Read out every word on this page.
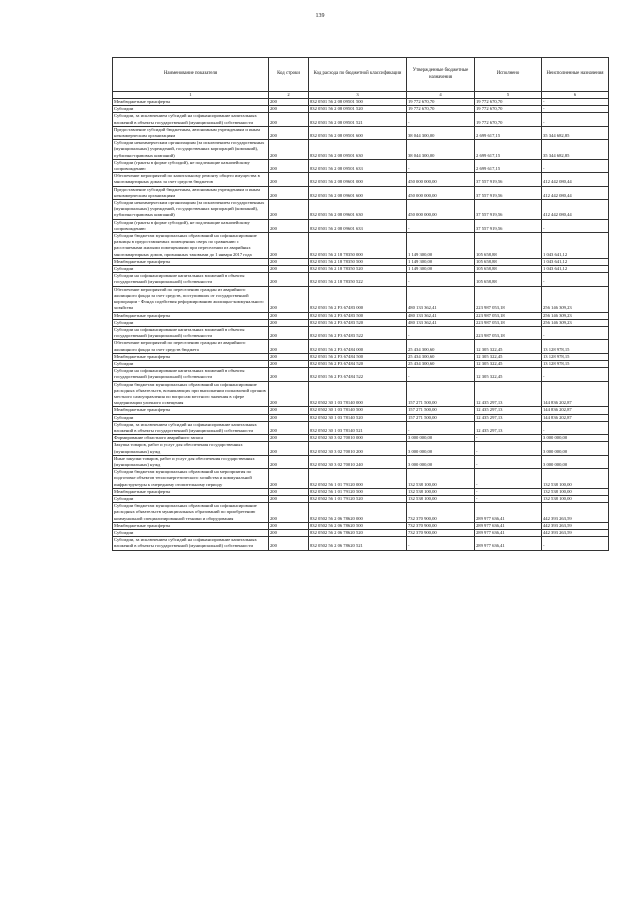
139
Наименование показателя	Код строки	Код расхода по бюджетной классификации	Утвержденные бюджетные назначения	Исполнено	Неисполненные назначения
1	2	3	4	5	6
Межбюджетные трансферты	200	832 0501 56 2 08 09501 500	19 772 670,70	19 772 670,70	-
Субсидии	200	832 0501 56 2 08 09501 520	19 772 670,70	19 772 670,70	-
Субсидии, за исключением субсидий на софинансирование капитальных вложений в объекты государственной (муниципальной) собственности	200	832 0501 56 2 08 09501 521	-	19 772 670,70	-
Предоставление субсидий бюджетным, автономным учреждениям и иным некоммерческим организациям	200	832 0501 56 2 08 09501 600	38 044 300,00	2 699 617,15	35 344 682,85
Субсидии некоммерческим организациям (за исключением государственных (муниципальных) учреждений, государственных корпораций (компаний), публично-правовых компаний)	200	832 0501 56 2 08 09501 630	38 044 300,00	2 699 617,15	35 344 682,85
Субсидии (гранты в форме субсидий), не подлежащие казначейскому сопровождению	200	832 0501 56 2 08 09501 633	-	2 699 617,15	-
Обеспечение мероприятий по капитальному ремонту общего имущества в многоквартирных домах за счет средств бюджетов	200	832 0501 56 2 08 09601 000	450 000 000,00	37 557 919,56	412 442 080,44
Предоставление субсидий бюджетным, автономным учреждениям и иным некоммерческим организациям	200	832 0501 56 2 08 09601 600	450 000 000,00	37 557 919,56	412 442 080,44
Субсидии некоммерческим организациям (за исключением государственных (муниципальных) учреждений, государственных корпораций (компаний), публично-правовых компаний)	200	832 0501 56 2 08 09601 630	450 000 000,00	37 557 919,56	412 442 080,44
Субсидии (гранты в форме субсидий), не подлежащие казначейскому сопровождению	200	832 0501 56 2 08 09601 633	-	37 557 919,56	-
Субсидии бюджетам муниципальных образований на софинансирование разницы в предоставляемых помещениях сверх по сравнению с расселяемыми жилыми помещениями при переселении из аварийных многоквартирных домов, признанных таковыми до 1 января 2017 года	200	832 0501 56 2 18 78350 000	1 149 300,00	105 658,88	1 043 641,12
Межбюджетные трансферты	200	832 0501 56 2 18 78350 500	1 149 300,00	105 658,88	1 043 641,12
Субсидии	200	832 0501 56 2 18 78350 520	1 149 300,00	105 658,88	1 043 641,12
Субсидии на софинансирование капитальных вложений в объекты государственной (муниципальной) собственности	200	832 0501 56 2 18 78350 522	-	105 658,88	-
Обеспечение мероприятий по переселению граждан из аварийного жилищного фонда за счет средств, поступивших от государственной корпорации - Фонда содействия реформированию жилищно-коммунального хозяйства	200	832 0501 56 2 F3 67483 000	480 133 362,41	223 987 053,18	256 146 309,23
Межбюджетные трансферты	200	832 0501 56 2 F3 67483 500	480 133 362,41	223 987 053,18	256 146 309,23
Субсидии	200	832 0501 56 2 F3 67483 520	480 133 362,41	223 987 053,18	256 146 309,23
Субсидии на софинансирование капитальных вложений в объекты государственной (муниципальной) собственности	200	832 0501 56 2 F3 67483 522	-	223 987 053,18	-
Обеспечение мероприятий по переселению граждан из аварийного жилищного фонда за счет средств бюджета	200	832 0501 56 2 F3 67484 000	25 434 300,60	12 305 322,45	13 128 978,15
Межбюджетные трансферты	200	832 0501 56 2 F3 67484 500	25 434 300,60	12 305 322,45	13 128 978,15
Субсидии	200	832 0501 56 2 F3 67484 520	25 434 300,60	12 305 322,45	13 128 978,15
Субсидии на софинансирование капитальных вложений в объекты государственной (муниципальной) собственности	200	832 0501 56 2 F3 67484 522	-	12 305 322,45	-
Субсидии бюджетам муниципальных образований на софинансирование расходных обязательств, возникающих при выполнении полномочий органов местного самоуправления по вопросам местного значения в сфере модернизации уличного освещения	200	832 0502 30 1 03 78140 000	157 271 500,00	12 435 297,13	144 836 202,87
Межбюджетные трансферты	200	832 0502 30 1 03 78140 500	157 271 500,00	12 435 297,13	144 836 202,87
Субсидии	200	832 0502 30 1 03 78140 520	157 271 500,00	12 435 297,13	144 836 202,87
Субсидии, за исключением субсидий на софинансирование капитальных вложений в объекты государственной (муниципальной) собственности	200	832 0502 30 1 03 78140 521	-	12 435 297,13	-
Формирование областного аварийного запаса	200	832 0502 30 3 02 70010 000	3 000 000,00	-	3 000 000,00
Закупка товаров, работ и услуг для обеспечения государственных (муниципальных) нужд	200	832 0502 30 3 02 70010 200	3 000 000,00	-	3 000 000,00
Иные закупки товаров, работ и услуг для обеспечения государственных (муниципальных) нужд	200	832 0502 30 3 02 70010 240	3 000 000,00	-	3 000 000,00
Субсидии бюджетам муниципальных образований на мероприятия по подготовке объектов теплоэнергетического хозяйства и коммунальной инфраструктуры к очередному отопительному периоду	200	832 0502 56 1 01 79120 000	132 538 100,00	-	132 538 100,00
Межбюджетные трансферты	200	832 0502 56 1 01 79120 500	132 538 100,00	-	132 538 100,00
Субсидии	200	832 0502 56 1 01 79120 520	132 538 100,00	-	132 538 100,00
Субсидии бюджетам муниципальных образований на софинансирование расходных обязательств муниципальных образований по приобретению коммунальной специализированной техники и оборудования	200	832 0502 56 2 06 78620 000	732 370 900,00	289 977 636,41	442 393 263,59
Межбюджетные трансферты	200	832 0502 56 2 06 78620 500	732 370 900,00	289 977 636,41	442 393 263,59
Субсидии	200	832 0502 56 2 06 78620 520	732 370 900,00	289 977 636,41	442 393 263,59
Субсидии, за исключением субсидий на софинансирование капитальных вложений в объекты государственной (муниципальной) собственности	200	832 0502 56 2 06 78620 521	-	289 977 636,41	-
